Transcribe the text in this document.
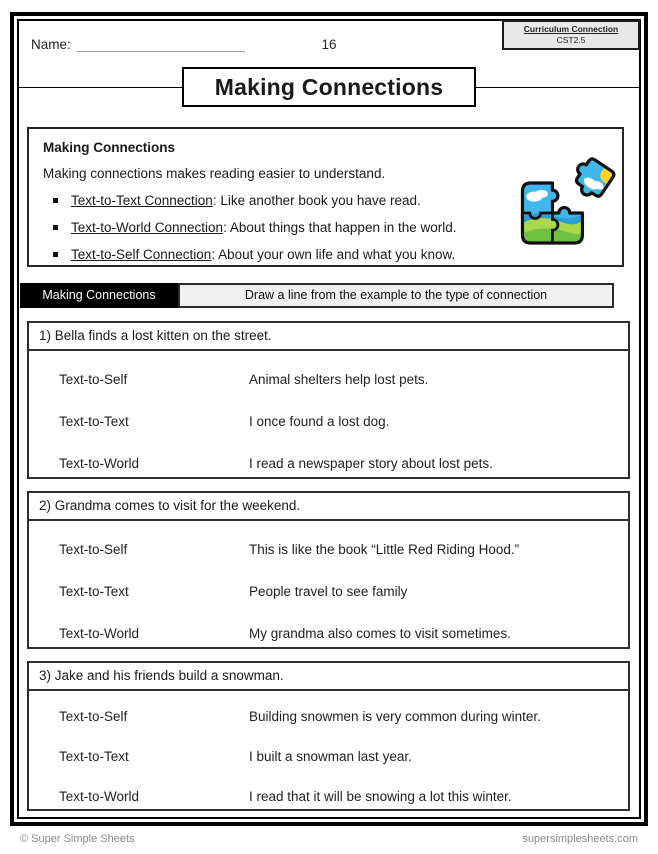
Name:	16
Curriculum Connection
CST2.5
Making Connections
Making Connections
Making connections makes reading easier to understand.
Text-to-Text Connection: Like another book you have read.
Text-to-World Connection: About things that happen in the world.
Text-to-Self Connection: About your own life and what you know.
Making Connections	Draw a line from the example to the type of connection
1) Bella finds a lost kitten on the street.
Text-to-Self	Animal shelters help lost pets.
Text-to-Text	I once found a lost dog.
Text-to-World	I read a newspaper story about lost pets.
2) Grandma comes to visit for the weekend.
Text-to-Self	This is like the book “Little Red Riding Hood.”
Text-to-Text	People travel to see family
Text-to-World	My grandma also comes to visit sometimes.
3) Jake and his friends build a snowman.
Text-to-Self	Building snowmen is very common during winter.
Text-to-Text	I built a snowman last year.
Text-to-World	I read that it will be snowing a lot this winter.
© Super Simple Sheets	supersimplesheets.com
